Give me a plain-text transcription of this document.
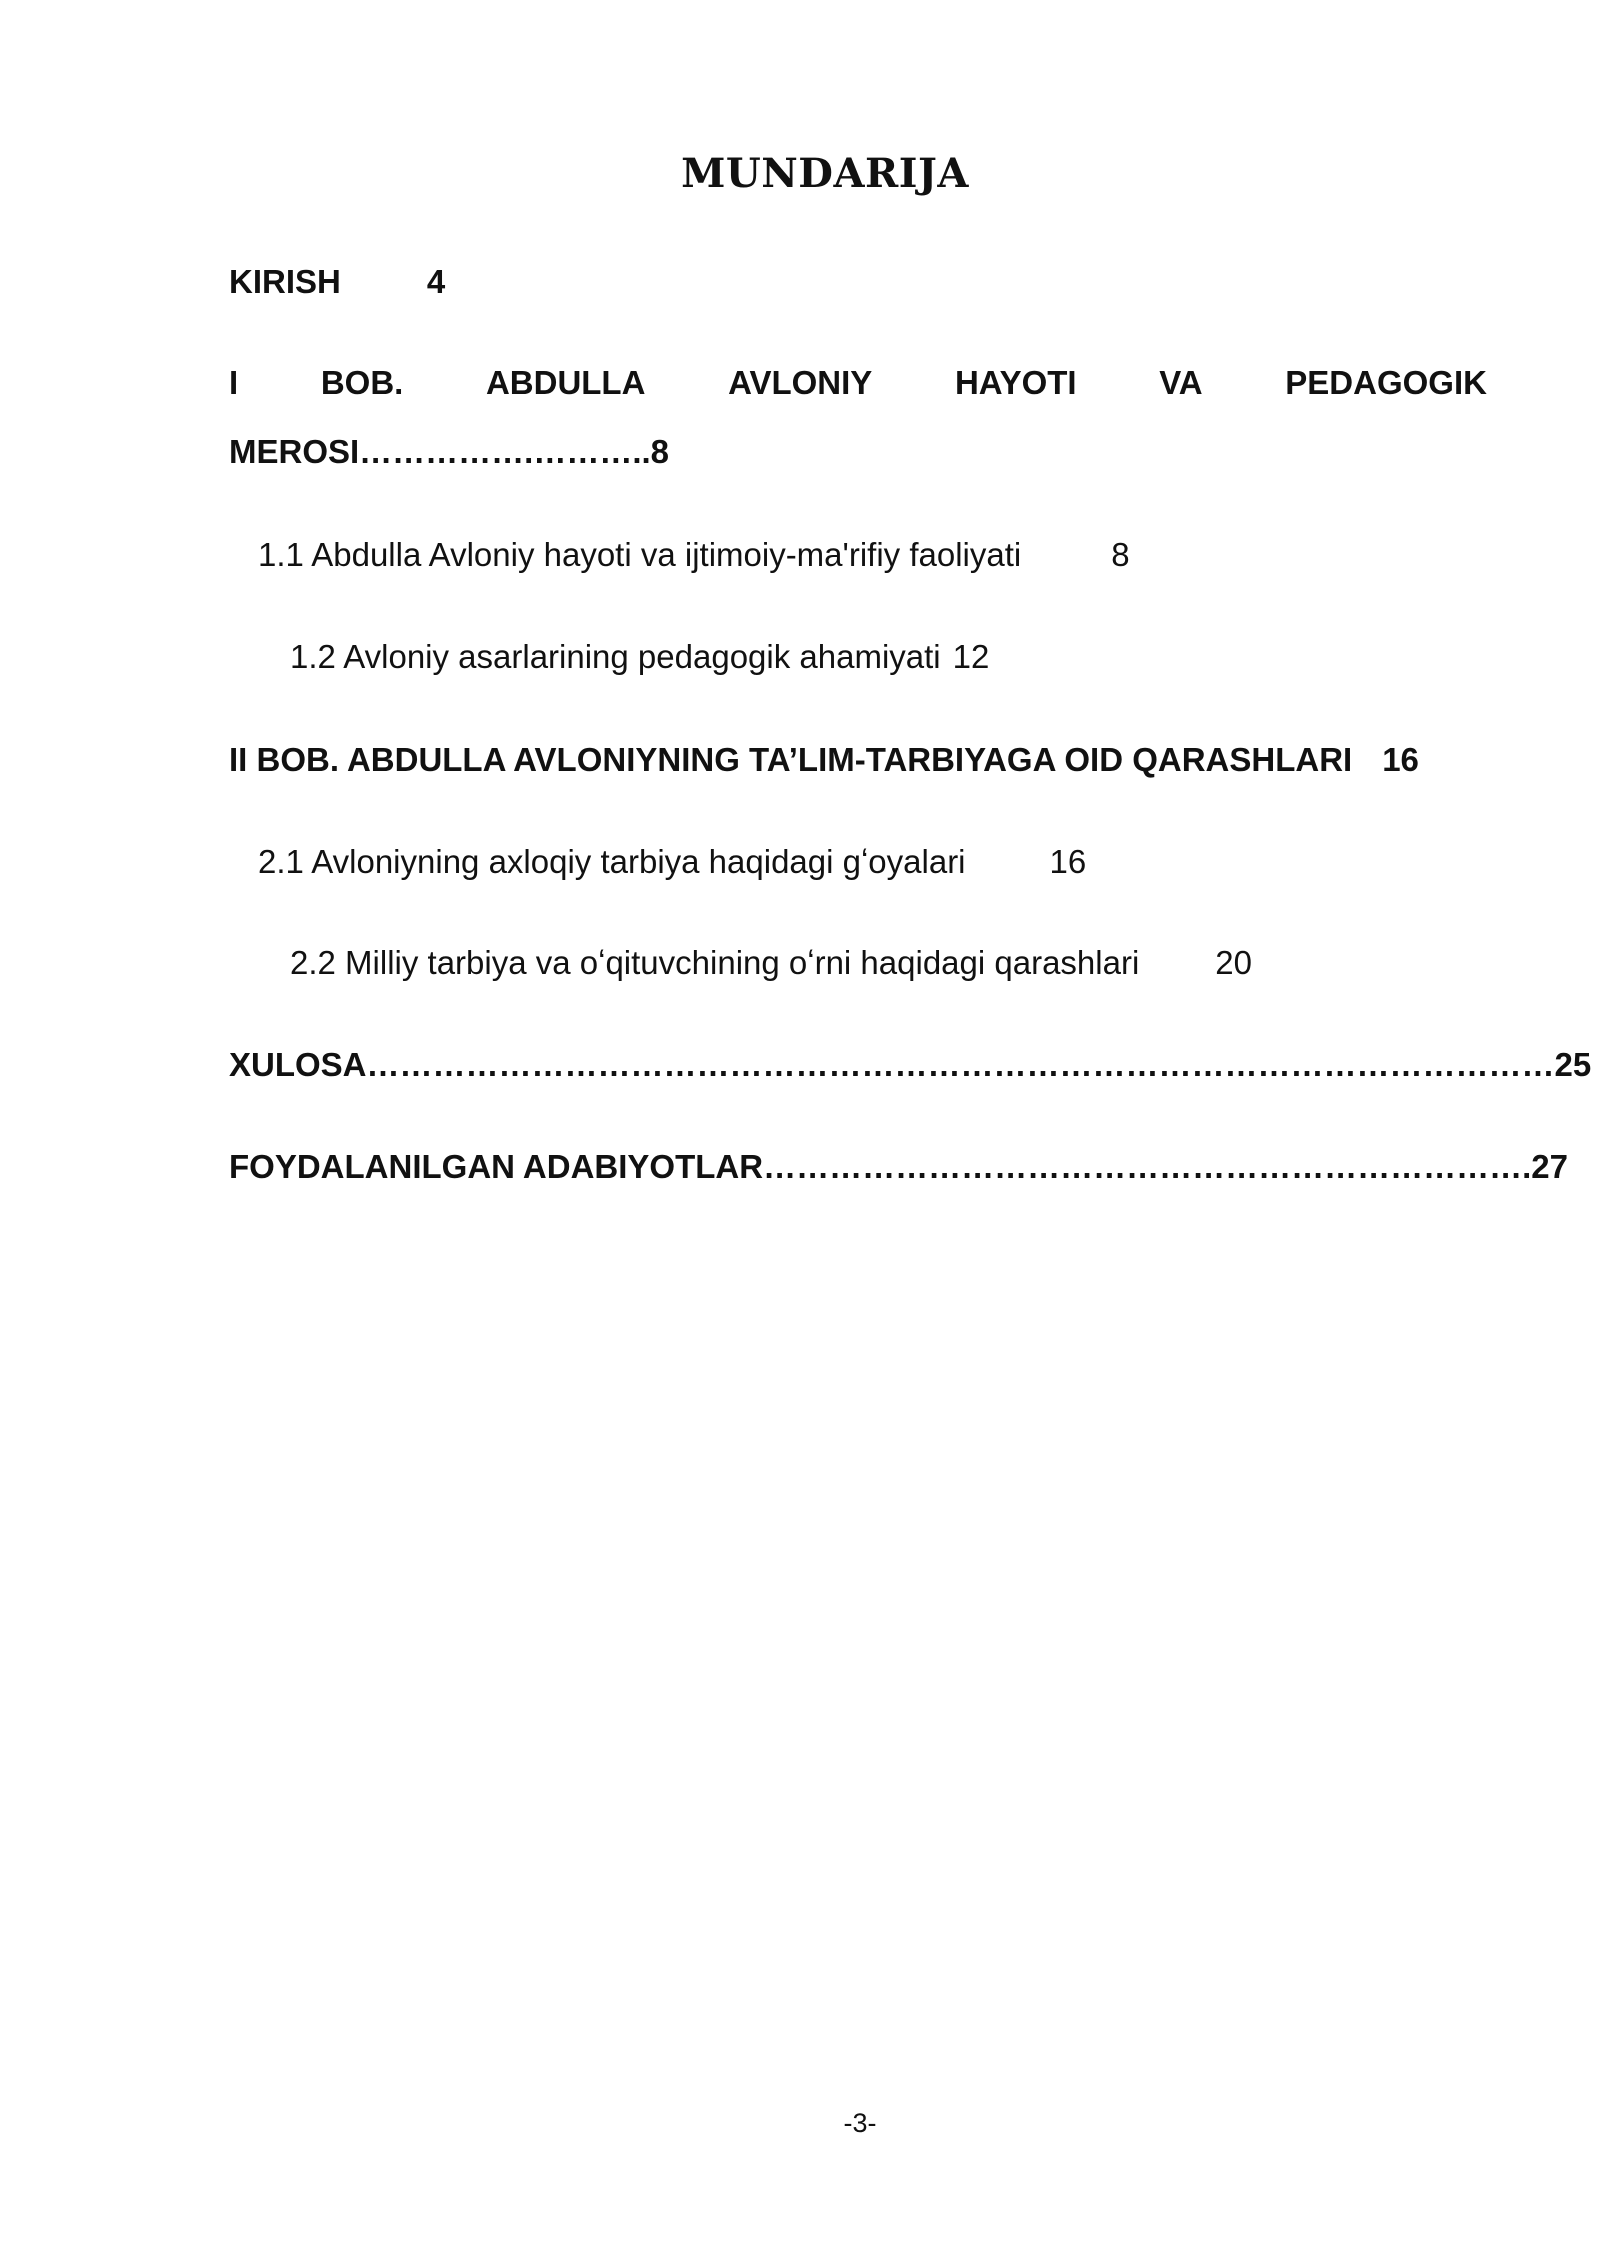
MUNDARIJA
KIRISH	4
I	BOB.	ABDULLA	AVLONIY	HAYOTI	VA	PEDAGOGIK
MEROSI…………….………..8
1.1 Abdulla Avloniy hayoti va ijtimoiy-ma'rifiy faoliyati	8
1.2 Avloniy asarlarining pedagogik ahamiyati 12
II BOB. ABDULLA AVLONIYNING TA’LIM-TARBIYAGA OID QARASHLARI 16
2.1 Avloniyning axloqiy tarbiya haqidagi gʻoyalari	16
2.2 Milliy tarbiya va oʻqituvchining oʻrni haqidagi qarashlari 20
XULOSA………………………………………………………………………………………………25
FOYDALANILGAN ADABIYOTLAR…………………………………………………………….27
-3-
